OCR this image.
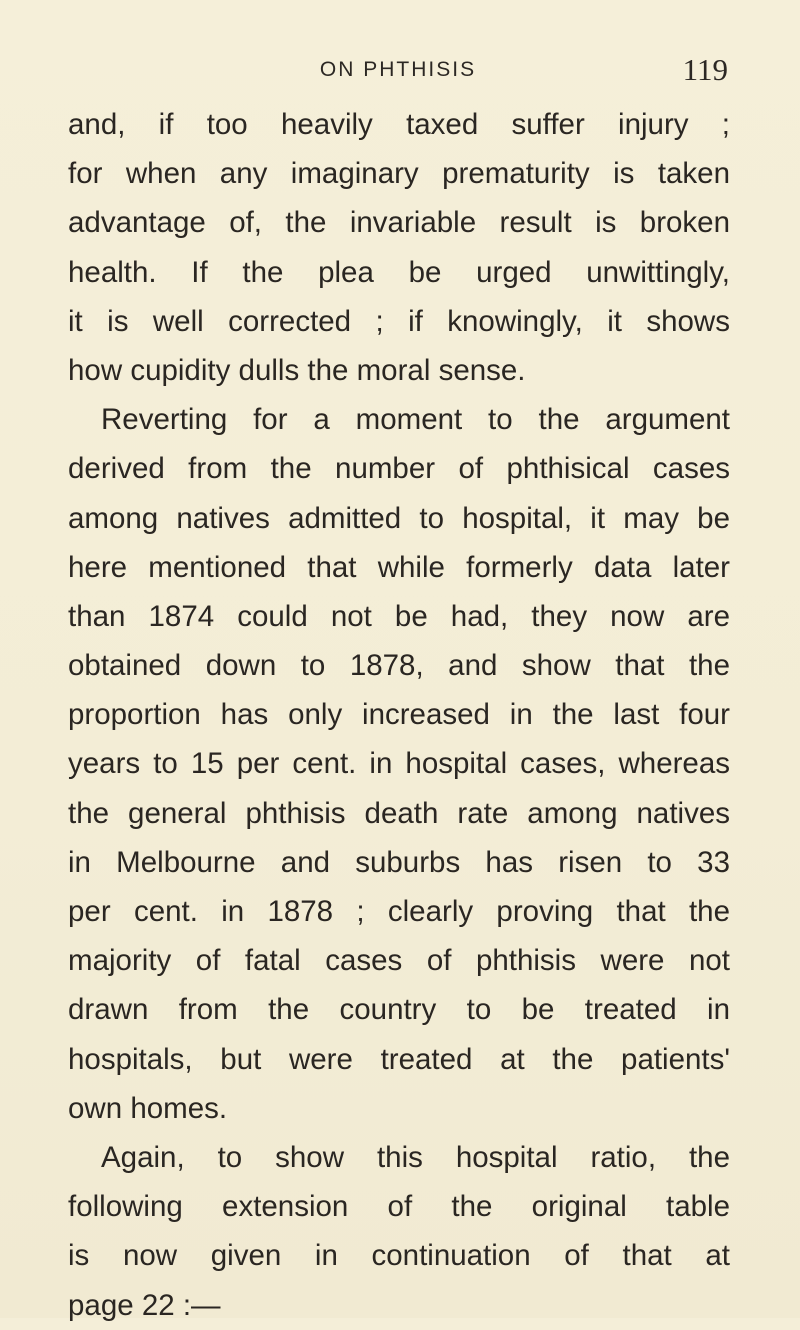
ON PHTHISIS	119
and, if too heavily taxed suffer injury ;
for when any imaginary prematurity is taken
advantage of, the invariable result is broken
health. If the plea be urged unwittingly,
it is well corrected ; if knowingly, it shows
how cupidity dulls the moral sense.
Reverting for a moment to the argument
derived from the number of phthisical cases
among natives admitted to hospital, it may be
here mentioned that while formerly data later
than 1874 could not be had, they now are
obtained down to 1878, and show that the
proportion has only increased in the last four
years to 15 per cent. in hospital cases, whereas
the general phthisis death rate among natives
in Melbourne and suburbs has risen to 33
per cent. in 1878 ; clearly proving that the
majority of fatal cases of phthisis were not
drawn from the country to be treated in
hospitals, but were treated at the patients'
own homes.
Again, to show this hospital ratio, the
following extension of the original table
is now given in continuation of that at
page 22 :—
